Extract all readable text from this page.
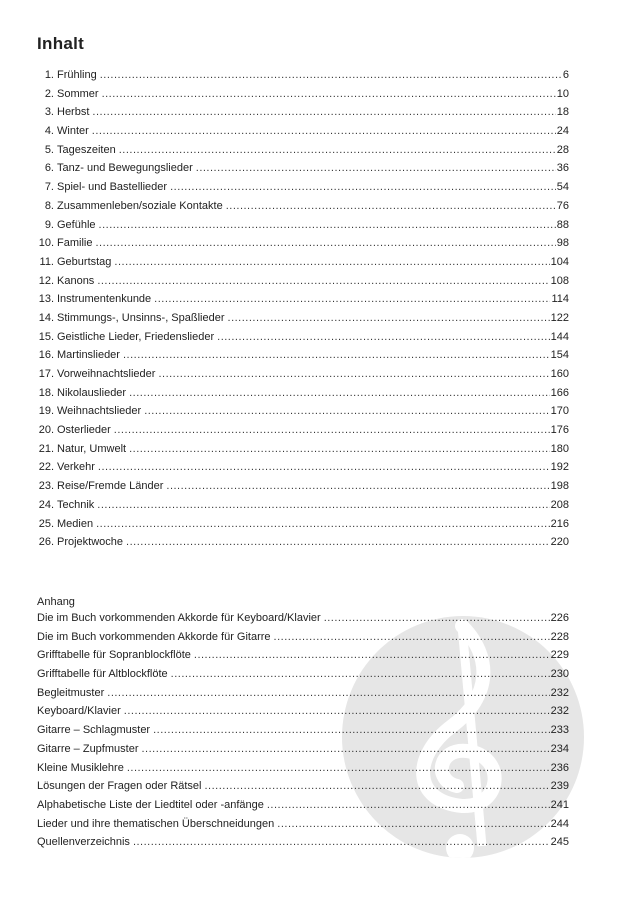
Inhalt
1. Frühling .....	6
2. Sommer .....	10
3. Herbst .....	18
4. Winter .....	24
5. Tageszeiten .....	28
6. Tanz- und Bewegungslieder .....	36
7. Spiel- und Bastellieder .....	54
8. Zusammenleben/soziale Kontakte .....	76
9. Gefühle .....	88
10. Familie .....	98
11. Geburtstag .....	104
12. Kanons .....	108
13. Instrumentenkunde .....	114
14. Stimmungs-, Unsinns-, Spaßlieder .....	122
15. Geistliche Lieder, Friedenslieder .....	144
16. Martinslieder .....	154
17. Vorweihnachtslieder .....	160
18. Nikolauslieder .....	166
19. Weihnachtslieder .....	170
20. Osterlieder .....	176
21. Natur, Umwelt .....	180
22. Verkehr .....	192
23. Reise/Fremde Länder .....	198
24. Technik .....	208
25. Medien .....	216
26. Projektwoche .....	220
Anhang
Die im Buch vorkommenden Akkorde für Keyboard/Klavier .....	226
Die im Buch vorkommenden Akkorde für Gitarre .....	228
Grifftabelle für Sopranblockflöte .....	229
Grifftabelle für Altblockflöte .....	230
Begleitmuster .....	232
Keyboard/Klavier .....	232
Gitarre – Schlagmuster .....	233
Gitarre – Zupfmuster .....	234
Kleine Musiklehre .....	236
Lösungen der Fragen oder Rätsel .....	239
Alphabetische Liste der Liedtitel oder -anfänge .....	241
Lieder und ihre thematischen Überschneidungen .....	244
Quellenverzeichnis .....	245
